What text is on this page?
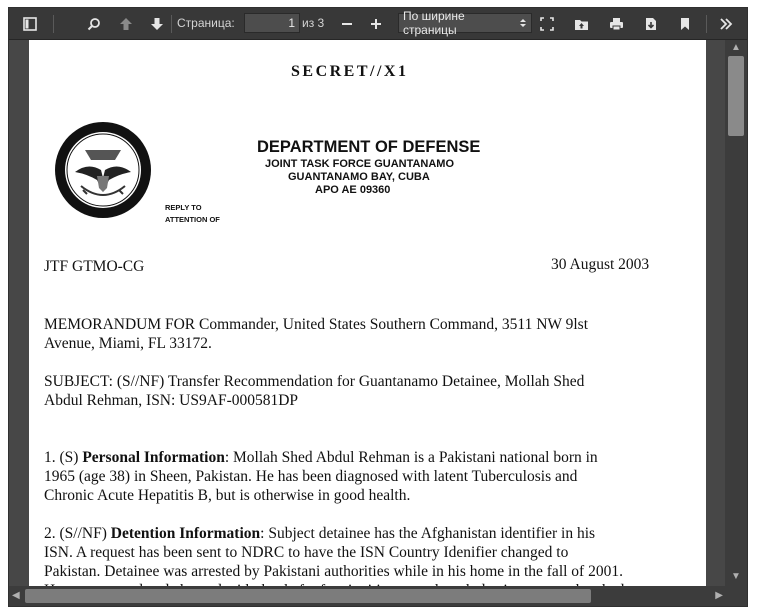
Страница:
1	из 3	По ширине страницы
SECRET//X1
DEPARTMENT OF DEFENSE
JOINT TASK FORCE GUANTANAMO
GUANTANAMO BAY, CUBA
APO AE 09360
REPLY TO
ATTENTION OF
JTF GTMO-CG	30 August 2003
MEMORANDUM FOR Commander, United States Southern Command, 3511 NW 9lst
Avenue, Miami, FL 33172.
SUBJECT: (S//NF) Transfer Recommendation for Guantanamo Detainee, Mollah Shed
Abdul Rehman, ISN: US9AF-000581DP
1. (S) Personal Information: Mollah Shed Abdul Rehman is a Pakistani national born in
1965 (age 38) in Sheen, Pakistan. He has been diagnosed with latent Tuberculosis and
Chronic Acute Hepatitis B, but is otherwise in good health.
2. (S//NF) Detention Information: Subject detainee has the Afghanistan identifier in his
ISN. A request has been sent to NDRC to have the ISN Country Idenifier changed to
Pakistan. Detainee was arrested by Pakistani authorities while in his home in the fall of 2001.
▲
▼
◀	▶
